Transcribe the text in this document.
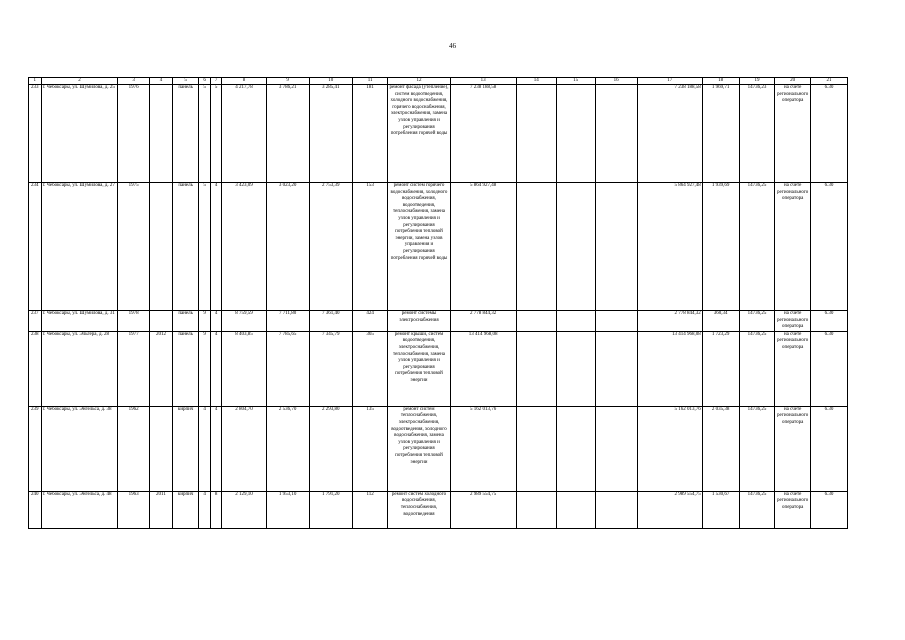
46
1	2	3	4	5	6	7	8	9	10	11	12	13	14	15	16	17	18	19	20	21
233	г. Чебоксары, ул. Шумилова, д. 25	1976		панель	5	5	4 217,78	3 786,21	3 285,41	181	ремонт фасада (утепление), систем водоотведения, холодного водоснабжения, горячего водоснабжения, электроснабжения, замена узлов управления и регулирования потребления горячей воды	7 238 188,58				7 238 188,58	1 969,71	14736,23	на счете регионального оператора	6.30
234	г. Чебоксары, ул. Шумилова, д. 27	1975		панель	5	4	3 423,09	3 023,20	2 753,39	153	ремонт систем горячего водоснабжения, холодного водоснабжения, водоотведения, теплоснабжения, замена узлов управления и регулирования потребления тепловой энергии, замена узлов управления и регулирования потребления горячей воды	5 864 927,48				5 864 927,48	1 939,69	14736,25	на счете регионального оператора	6.30
237	г. Чебоксары, ул. Шумилова, д. 31	1978		панель	9	4	8 759,59	7 711,80	7 361,40	424	ремонт системы электроснабжения	2 778 844,32				2 778 844,32	360,34	14736,25	на счете регионального оператора	6.30
238	г. Чебоксары, ул. Эльгера, д. 28	1977	2012	панель	9	4	8 403,85	7 785,65	7 345,79	365	ремонт крыши, систем водоотведения, электроснабжения, теплоснабжения, замена узлов управления и регулирования потребления тепловой энергии	13 414 968,08				13 414 968,08	1 723,29	14736,25	на счете регионального оператора	6.30
239	г. Чебоксары, ул. Энгельса, д. 38	1962		кирпич	4	4	2 804,70	2 536,70	2 293,80	135	ремонт систем теплоснабжения, электроснабжения, водоотведения, холодного водоснабжения, замена узлов управления и регулирования потребления тепловой энергии	5 162 013,76				5 162 013,76	2 035,38	14736,25	на счете регионального оператора	6.30
240	г. Чебоксары, ул. Энгельса, д. 48	1963	2011	кирпич	4	8	2 129,10	1 953,10	1 791,20	112	ремонт систем холодного водоснабжения, теплоснабжения, водоотведения	2 989 554,75				2 989 554,75	1 530,67	14736,25	на счете регионального оператора	6.30
